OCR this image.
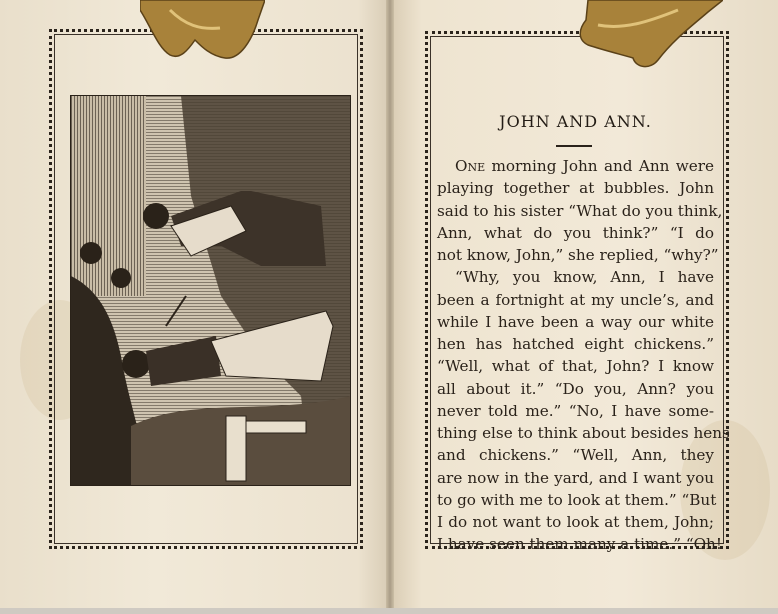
JOHN AND ANN.
One morning John and Ann were
playing together at bubbles. John
said to his sister “What do you think,
Ann, what do you think?” “I do
not know, John,” she replied, “why?”
“Why, you know, Ann, I have
been a fortnight at my uncle’s, and
while I have been a way our white
hen has hatched eight chickens.”
“Well, what of that, John? I know
all about it.” “Do you, Ann? you
never told me.” “No, I have some-
thing else to think about besides hens
and chickens.” “Well, Ann, they
are now in the yard, and I want you
to go with me to look at them.” “But
I do not want to look at them, John;
I have seen them many a time.” “Oh!
